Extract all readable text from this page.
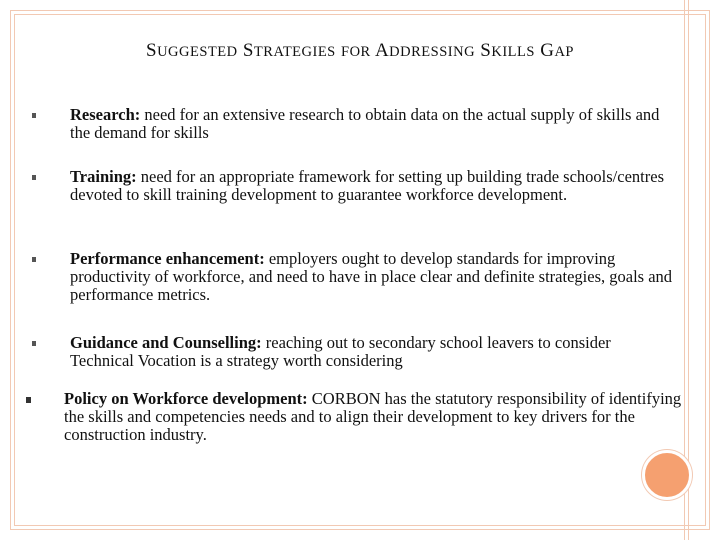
SUGGESTED STRATEGIES FOR ADDRESSING SKILLS GAP
Research: need for an extensive research to obtain data on the actual supply of skills and the demand for skills
Training: need for an appropriate framework for setting up building trade schools/centres devoted to skill training development to guarantee workforce development.
Performance enhancement: employers ought to develop standards for improving productivity of workforce, and need to have in place clear and definite strategies, goals and performance metrics.
Guidance and Counselling: reaching out to secondary school leavers to consider Technical Vocation is a strategy worth considering
Policy on Workforce development: CORBON has the statutory responsibility of identifying the skills and competencies needs and to align their development to key drivers for the construction industry.
